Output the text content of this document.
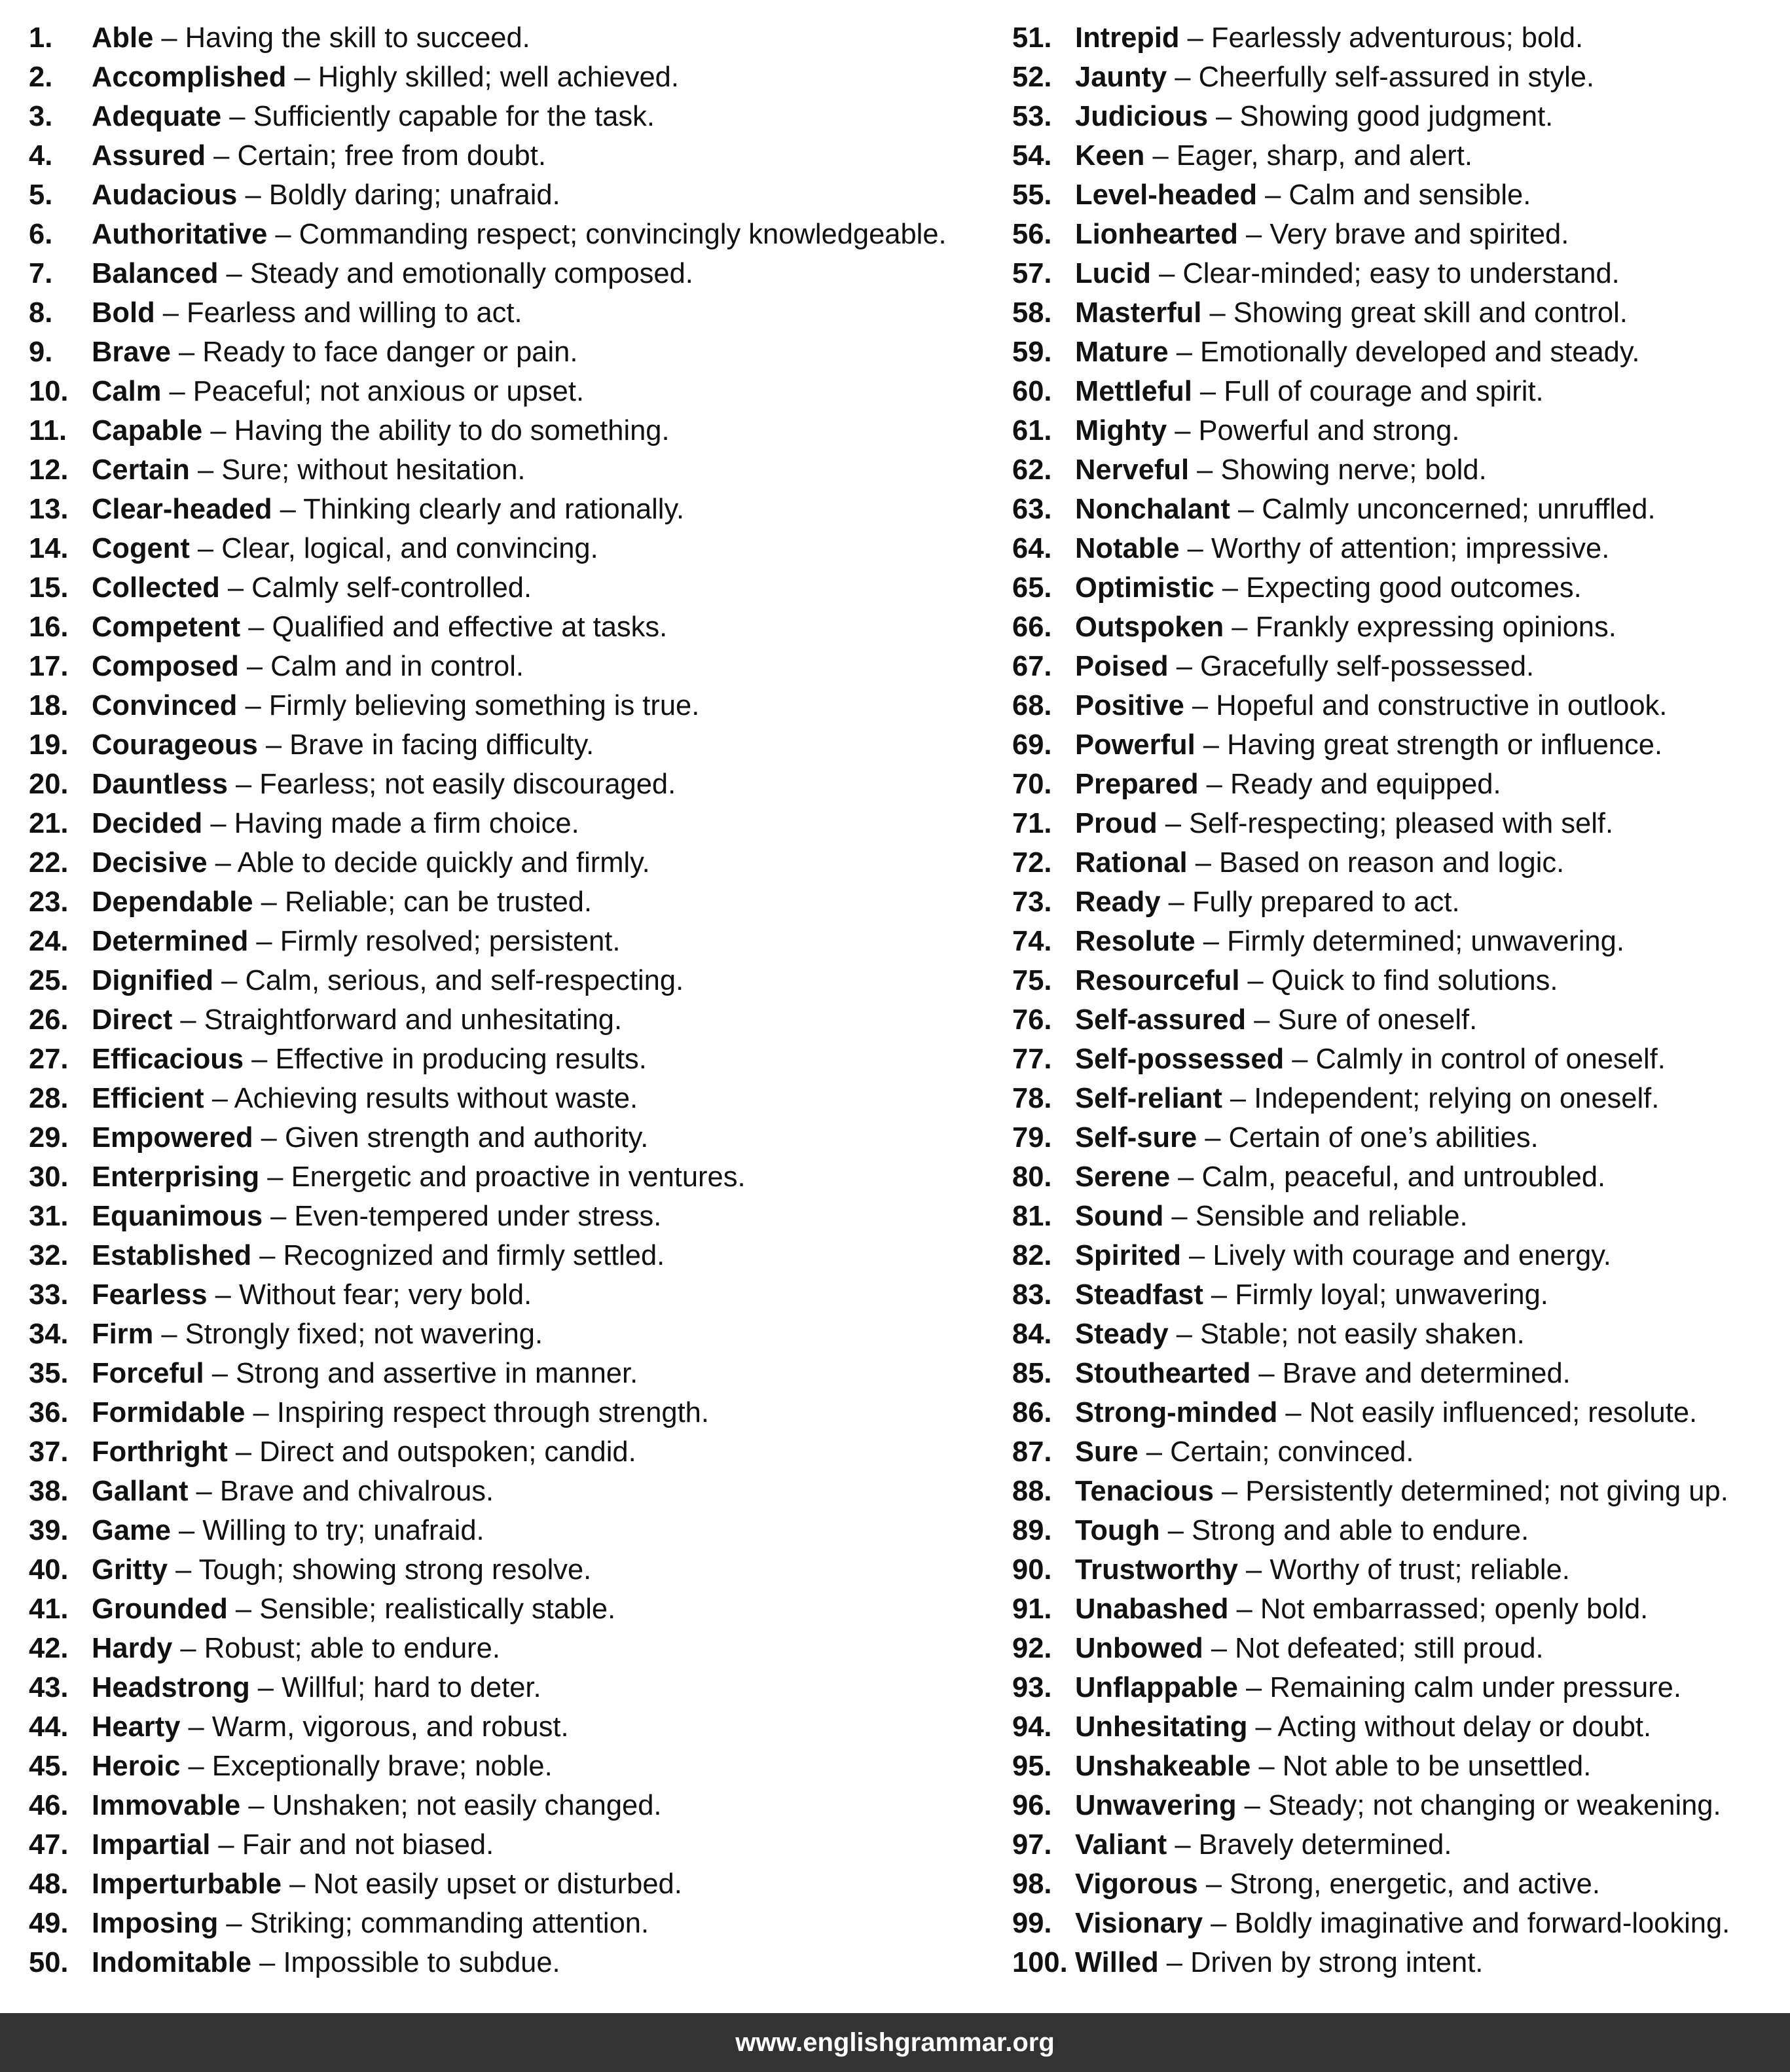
1.	Able – Having the skill to succeed.
2.	Accomplished – Highly skilled; well achieved.
3.	Adequate – Sufficiently capable for the task.
4.	Assured – Certain; free from doubt.
5.	Audacious – Boldly daring; unafraid.
6.	Authoritative – Commanding respect; convincingly knowledgeable.
7.	Balanced – Steady and emotionally composed.
8.	Bold – Fearless and willing to act.
9.	Brave – Ready to face danger or pain.
10. Calm – Peaceful; not anxious or upset.
11. Capable – Having the ability to do something.
12. Certain – Sure; without hesitation.
13. Clear-headed – Thinking clearly and rationally.
14. Cogent – Clear, logical, and convincing.
15. Collected – Calmly self-controlled.
16. Competent – Qualified and effective at tasks.
17. Composed – Calm and in control.
18. Convinced – Firmly believing something is true.
19. Courageous – Brave in facing difficulty.
20. Dauntless – Fearless; not easily discouraged.
21. Decided – Having made a firm choice.
22. Decisive – Able to decide quickly and firmly.
23. Dependable – Reliable; can be trusted.
24. Determined – Firmly resolved; persistent.
25. Dignified – Calm, serious, and self-respecting.
26. Direct – Straightforward and unhesitating.
27. Efficacious – Effective in producing results.
28. Efficient – Achieving results without waste.
29. Empowered – Given strength and authority.
30. Enterprising – Energetic and proactive in ventures.
31. Equanimous – Even-tempered under stress.
32. Established – Recognized and firmly settled.
33. Fearless – Without fear; very bold.
34. Firm – Strongly fixed; not wavering.
35. Forceful – Strong and assertive in manner.
36. Formidable – Inspiring respect through strength.
37. Forthright – Direct and outspoken; candid.
38. Gallant – Brave and chivalrous.
39. Game – Willing to try; unafraid.
40. Gritty – Tough; showing strong resolve.
41. Grounded – Sensible; realistically stable.
42. Hardy – Robust; able to endure.
43. Headstrong – Willful; hard to deter.
44. Hearty – Warm, vigorous, and robust.
45. Heroic – Exceptionally brave; noble.
46. Immovable – Unshaken; not easily changed.
47. Impartial – Fair and not biased.
48. Imperturbable – Not easily upset or disturbed.
49. Imposing – Striking; commanding attention.
50. Indomitable – Impossible to subdue.
51. Intrepid – Fearlessly adventurous; bold.
52. Jaunty – Cheerfully self-assured in style.
53. Judicious – Showing good judgment.
54. Keen – Eager, sharp, and alert.
55. Level-headed – Calm and sensible.
56. Lionhearted – Very brave and spirited.
57. Lucid – Clear-minded; easy to understand.
58. Masterful – Showing great skill and control.
59. Mature – Emotionally developed and steady.
60. Mettleful – Full of courage and spirit.
61. Mighty – Powerful and strong.
62. Nerveful – Showing nerve; bold.
63. Nonchalant – Calmly unconcerned; unruffled.
64. Notable – Worthy of attention; impressive.
65. Optimistic – Expecting good outcomes.
66. Outspoken – Frankly expressing opinions.
67. Poised – Gracefully self-possessed.
68. Positive – Hopeful and constructive in outlook.
69. Powerful – Having great strength or influence.
70. Prepared – Ready and equipped.
71. Proud – Self-respecting; pleased with self.
72. Rational – Based on reason and logic.
73. Ready – Fully prepared to act.
74. Resolute – Firmly determined; unwavering.
75. Resourceful – Quick to find solutions.
76. Self-assured – Sure of oneself.
77. Self-possessed – Calmly in control of oneself.
78. Self-reliant – Independent; relying on oneself.
79. Self-sure – Certain of one’s abilities.
80. Serene – Calm, peaceful, and untroubled.
81. Sound – Sensible and reliable.
82. Spirited – Lively with courage and energy.
83. Steadfast – Firmly loyal; unwavering.
84. Steady – Stable; not easily shaken.
85. Stouthearted – Brave and determined.
86. Strong-minded – Not easily influenced; resolute.
87. Sure – Certain; convinced.
88. Tenacious – Persistently determined; not giving up.
89. Tough – Strong and able to endure.
90. Trustworthy – Worthy of trust; reliable.
91. Unabashed – Not embarrassed; openly bold.
92. Unbowed – Not defeated; still proud.
93. Unflappable – Remaining calm under pressure.
94. Unhesitating – Acting without delay or doubt.
95. Unshakeable – Not able to be unsettled.
96. Unwavering – Steady; not changing or weakening.
97. Valiant – Bravely determined.
98. Vigorous – Strong, energetic, and active.
99. Visionary – Boldly imaginative and forward-looking.
100. Willed – Driven by strong intent.
www.englishgrammar.org
